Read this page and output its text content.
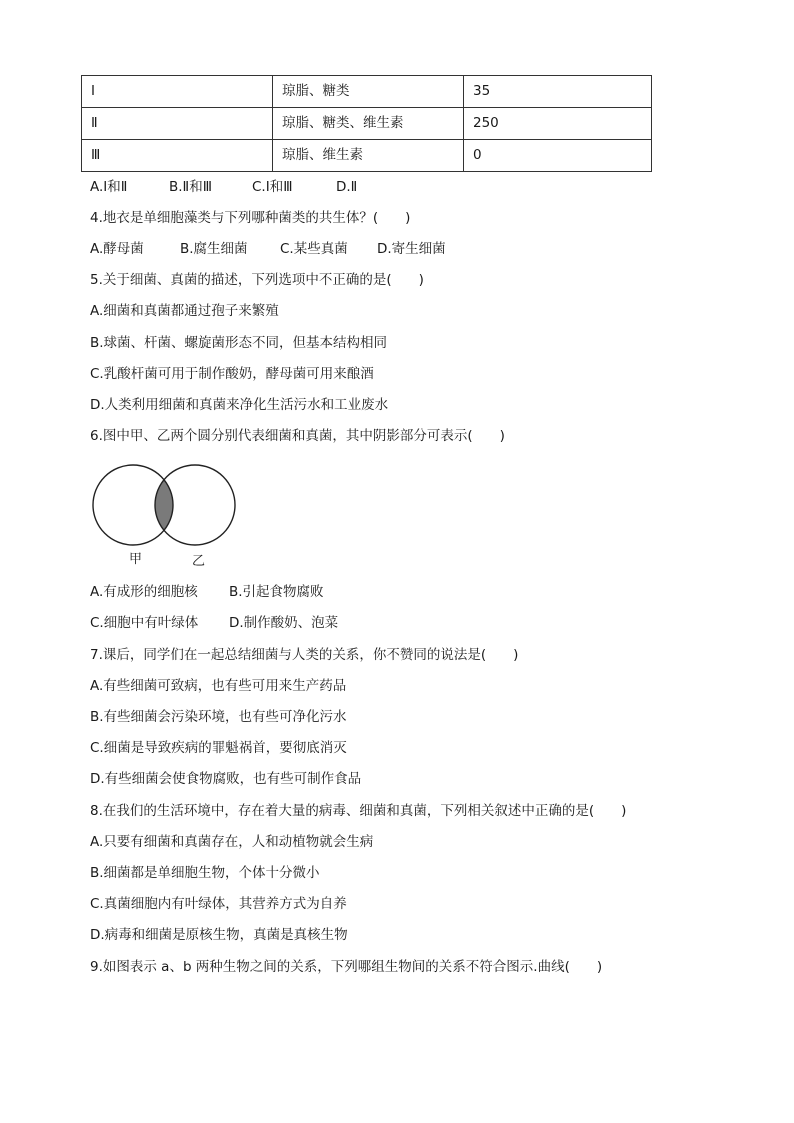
Ⅰ	琼脂、糖类	35
Ⅱ	琼脂、糖类、维生素	250
Ⅲ	琼脂、维生素	0
A.Ⅰ和Ⅱ	B.Ⅱ和Ⅲ	C.Ⅰ和Ⅲ	D.Ⅱ
4.地衣是单细胞藻类与下列哪种菌类的共生体？(　　)
A.酵母菌	B.腐生细菌 C.某些真菌 D.寄生细菌
5.关于细菌、真菌的描述，下列选项中不正确的是(　　)
A.细菌和真菌都通过孢子来繁殖
B.球菌、杆菌、螺旋菌形态不同，但基本结构相同
C.乳酸杆菌可用于制作酸奶，酵母菌可用来酿酒
D.人类利用细菌和真菌来净化生活污水和工业废水
6.图中甲、乙两个圆分别代表细菌和真菌，其中阴影部分可表示(　　)
甲	乙
A.有成形的细胞核 B.引起食物腐败
C.细胞中有叶绿体 D.制作酸奶、泡菜
7.课后，同学们在一起总结细菌与人类的关系，你不赞同的说法是(　　)
A.有些细菌可致病，也有些可用来生产药品
B.有些细菌会污染环境，也有些可净化污水
C.细菌是导致疾病的罪魁祸首，要彻底消灭
D.有些细菌会使食物腐败，也有些可制作食品
8.在我们的生活环境中，存在着大量的病毒、细菌和真菌，下列相关叙述中正确的是(　　)
A.只要有细菌和真菌存在，人和动植物就会生病
B.细菌都是单细胞生物，个体十分微小
C.真菌细胞内有叶绿体，其营养方式为自养
D.病毒和细菌是原核生物，真菌是真核生物
9.如图表示 a、b 两种生物之间的关系，下列哪组生物间的关系不符合图示.曲线(　　)
